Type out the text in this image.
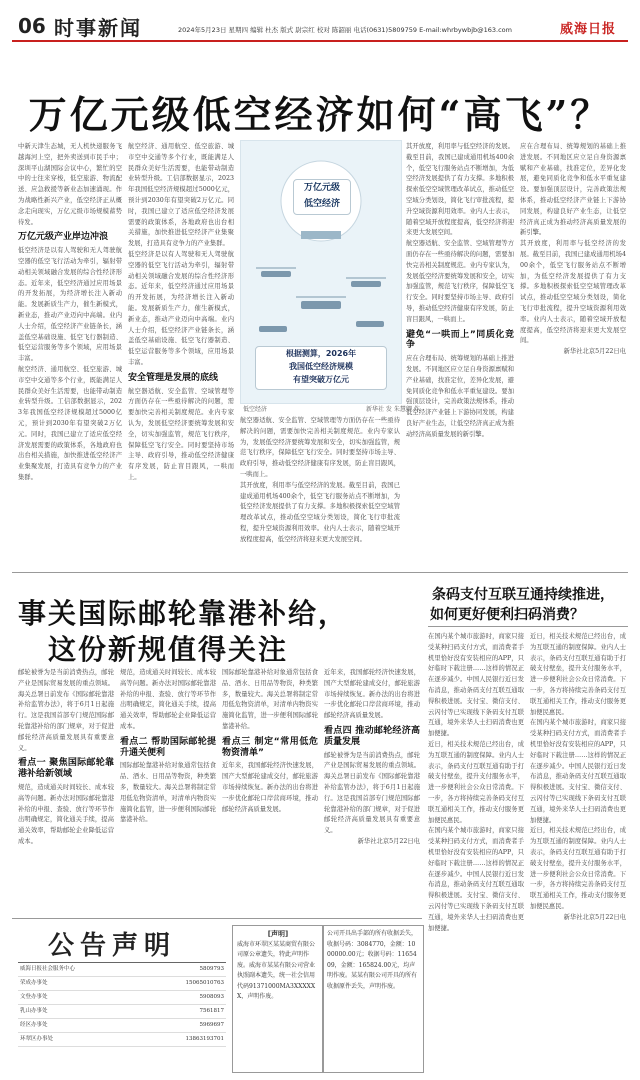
06 时事新闻	2024年5月23日 星期四 编辑 杜杰 版式 尉宗红 校对 陈韶丽 电话(0631)5809759 E-mail:whrbywbjb@163.com	威海日报
万亿元级低空经济如何“高飞”？
中新天津生态城，无人机快递服务飞越海河上空，把外卖送到市民手中；深圳平山湖国际会议中心，繁忙的空中的士往来穿梭，低空旅游、物流配送、应急救援等新业态加速涌现。作为战略性新兴产业，低空经济正从概念走向现实，万亿元级市场规模蓄势待发。
万亿元级产业岸边冲浪
低空经济是以有人驾驶和无人驾驶航空器的低空飞行活动为牵引，辐射带动相关领域融合发展的综合性经济形态。近年来，低空经济通过应用场景的开发拓展，为经济增长注入新动能。发展新质生产力，催生新模式，新业态，推动产业迈向中高端。业内人士介绍，低空经济产业链条长，涵盖低空基础设施、低空飞行器制造、低空运营服务等多个领域，应用场景丰富。
航空经济、通用航空、低空旅游、城市空中交通等多个行业，既能满足人民群众美好生活需要，也能带动制造业转型升级。工信部数据显示，2023年我国低空经济规模超过5000亿元，预计到2030年有望突破2万亿元。同时，我国已建立了适应低空经济发展需要的政策体系，各地政府也出台相关措施，加快推进低空经济产业集聚发展，打造具有竞争力的产业集群。
航空经济、通用航空、低空旅游、城市空中交通等多个行业，既能满足人民群众美好生活需要，也能带动制造业转型升级。工信部数据显示，2023年我国低空经济规模超过5000亿元，预计到2030年有望突破2万亿元。同时，我国已建立了适应低空经济发展需要的政策体系，各地政府也出台相关措施，加快推进低空经济产业集聚发展，打造具有竞争力的产业集群。
低空经济是以有人驾驶和无人驾驶航空器的低空飞行活动为牵引，辐射带动相关领域融合发展的综合性经济形态。近年来，低空经济通过应用场景的开发拓展，为经济增长注入新动能。发展新质生产力，催生新模式，新业态，推动产业迈向中高端。业内人士介绍，低空经济产业链条长，涵盖低空基础设施、低空飞行器制造、低空运营服务等多个领域，应用场景丰富。
安全管理是发展的底线
航空器适航、安全监管、空域管理等方面仍存在一些亟待解决的问题，需要加快完善相关制度规范。业内专家认为，发展低空经济要统筹发展和安全，切实加强监管，规范飞行秩序，保障低空飞行安全。同时要坚持市场主导、政府引导，推动低空经济健康有序发展，防止盲目跟风，一哄而上。
万亿元级
低空经济
根据测算，2026年
我国低空经济规模
有望突破万亿元
低空经济	新华社 发 朱慧卿 作
航空器适航、安全监管、空域管理等方面仍存在一些亟待解决的问题，需要加快完善相关制度规范。业内专家认为，发展低空经济要统筹发展和安全，切实加强监管，规范飞行秩序，保障低空飞行安全。同时要坚持市场主导、政府引导，推动低空经济健康有序发展，防止盲目跟风，一哄而上。
其开放度，利用率与低空经济的发展。截至目前，我国已建成通用机场400余个，低空飞行服务站点不断增加，为低空经济发展提供了有力支撑。多地积极探索低空空域管理改革试点，推动低空空域分类划设，简化飞行审批流程，提升空域资源利用效率。业内人士表示，随着空域开放程度提高，低空经济将迎来更大发展空间。
其开放度，利用率与低空经济的发展。截至目前，我国已建成通用机场400余个，低空飞行服务站点不断增加，为低空经济发展提供了有力支撑。多地积极探索低空空域管理改革试点，推动低空空域分类划设，简化飞行审批流程，提升空域资源利用效率。业内人士表示，随着空域开放程度提高，低空经济将迎来更大发展空间。
航空器适航、安全监管、空域管理等方面仍存在一些亟待解决的问题，需要加快完善相关制度规范。业内专家认为，发展低空经济要统筹发展和安全，切实加强监管，规范飞行秩序，保障低空飞行安全。同时要坚持市场主导、政府引导，推动低空经济健康有序发展，防止盲目跟风，一哄而上。
避免“一哄而上”同质化竞争
应在合理布局、统筹规划的基础上推进发展。不同地区应立足自身资源禀赋和产业基础，找准定位，差异化发展，避免同质化竞争和低水平重复建设。要加强顶层设计，完善政策法规体系，推动低空经济产业链上下游协同发展，构建良好产业生态，让低空经济真正成为推动经济高质量发展的新引擎。
应在合理布局、统筹规划的基础上推进发展。不同地区应立足自身资源禀赋和产业基础，找准定位，差异化发展，避免同质化竞争和低水平重复建设。要加强顶层设计，完善政策法规体系，推动低空经济产业链上下游协同发展，构建良好产业生态，让低空经济真正成为推动经济高质量发展的新引擎。
其开放度，利用率与低空经济的发展。截至目前，我国已建成通用机场400余个，低空飞行服务站点不断增加，为低空经济发展提供了有力支撑。多地积极探索低空空域管理改革试点，推动低空空域分类划设，简化飞行审批流程，提升空域资源利用效率。业内人士表示，随着空域开放程度提高，低空经济将迎来更大发展空间。
新华社北京5月22日电
事关国际邮轮靠港补给，
这份新规值得关注
邮轮被誉为是当前消费热点，邮轮产业是国际贸易发展的重点领域。海关总署日前发布《国际邮轮靠港补给监管办法》，将于6月1日起施行。这是我国首部专门规范国际邮轮靠港补给的部门规章，对于促进邮轮经济高质量发展具有重要意义。
看点一 聚焦国际邮轮靠港补给新领域
规范，造成通关时间较长、成本较高等问题。新办法对国际邮轮靠港补给的申报、查验、放行等环节作出明确规定，简化通关手续，提高通关效率，帮助邮轮企业降低运营成本。
规范，造成通关时间较长、成本较高等问题。新办法对国际邮轮靠港补给的申报、查验、放行等环节作出明确规定，简化通关手续，提高通关效率，帮助邮轮企业降低运营成本。
看点二 帮助国际邮轮提升通关便利
国际邮轮靠港补给对象通常包括食品、酒水、日用品等物资，种类繁多，数量较大。海关总署将制定常用低危物资清单，对清单内物资实施简化监管，进一步便利国际邮轮靠港补给。
国际邮轮靠港补给对象通常包括食品、酒水、日用品等物资，种类繁多，数量较大。海关总署将制定常用低危物资清单，对清单内物资实施简化监管，进一步便利国际邮轮靠港补给。
看点三 制定“常用低危物资清单”
近年来，我国邮轮经济快速发展，国产大型邮轮建成交付，邮轮旅游市场持续恢复。新办法的出台将进一步优化邮轮口岸营商环境，推动邮轮经济高质量发展。
近年来，我国邮轮经济快速发展，国产大型邮轮建成交付，邮轮旅游市场持续恢复。新办法的出台将进一步优化邮轮口岸营商环境，推动邮轮经济高质量发展。
看点四 推动邮轮经济高质量发展
邮轮被誉为是当前消费热点，邮轮产业是国际贸易发展的重点领域。海关总署日前发布《国际邮轮靠港补给监管办法》，将于6月1日起施行。这是我国首部专门规范国际邮轮靠港补给的部门规章，对于促进邮轮经济高质量发展具有重要意义。
新华社北京5月22日电
条码支付互联互通持续推进，
如何更好便利扫码消费？
在国内某个城市旅游时，商家只接受某种扫码支付方式，而消费者手机里恰好没有安装相应的APP，只好临时下载注册……这样的情况正在逐步减少。中国人民银行近日发布消息，推动条码支付互联互通取得积极进展。支付宝、微信支付、云闪付等已实现线下条码支付互联互通，境外来华人士扫码消费也更加便捷。
近日，相关技术规范已经出台，成为互联互通的制度保障。业内人士表示，条码支付互联互通有助于打破支付壁垒，提升支付服务水平，进一步便利社会公众日常消费。下一步，各方将持续完善条码支付互联互通相关工作，推动支付服务更加便民惠民。
在国内某个城市旅游时，商家只接受某种扫码支付方式，而消费者手机里恰好没有安装相应的APP，只好临时下载注册……这样的情况正在逐步减少。中国人民银行近日发布消息，推动条码支付互联互通取得积极进展。支付宝、微信支付、云闪付等已实现线下条码支付互联互通，境外来华人士扫码消费也更加便捷。
近日，相关技术规范已经出台，成为互联互通的制度保障。业内人士表示，条码支付互联互通有助于打破支付壁垒，提升支付服务水平，进一步便利社会公众日常消费。下一步，各方将持续完善条码支付互联互通相关工作，推动支付服务更加便民惠民。
在国内某个城市旅游时，商家只接受某种扫码支付方式，而消费者手机里恰好没有安装相应的APP，只好临时下载注册……这样的情况正在逐步减少。中国人民银行近日发布消息，推动条码支付互联互通取得积极进展。支付宝、微信支付、云闪付等已实现线下条码支付互联互通，境外来华人士扫码消费也更加便捷。
近日，相关技术规范已经出台，成为互联互通的制度保障。业内人士表示，条码支付互联互通有助于打破支付壁垒，提升支付服务水平，进一步便利社会公众日常消费。下一步，各方将持续完善条码支付互联互通相关工作，推动支付服务更加便民惠民。
新华社北京5月22日电
公告声明
威海日报社会服务中心	5809793
荣成办事处	15065010763
文登办事处	5908093
乳山办事处	7561817
经区办事处	5969697
环翠区办事处	13863193701
[声明]
威海市环翠区某某商贸有限公司原公章遗失，特此声明作废。威海市某某有限公司营业执照副本遗失，统一社会信用代码91371000MA3XXXXXX，声明作废。
公司开具出手部的所有收据丢失，收据号码：3084770，金额：1000000.00元；收据号码：1165409，金额：165824.00元，均声明作废。某某有限公司开具的所有收据原件丢失，声明作废。
